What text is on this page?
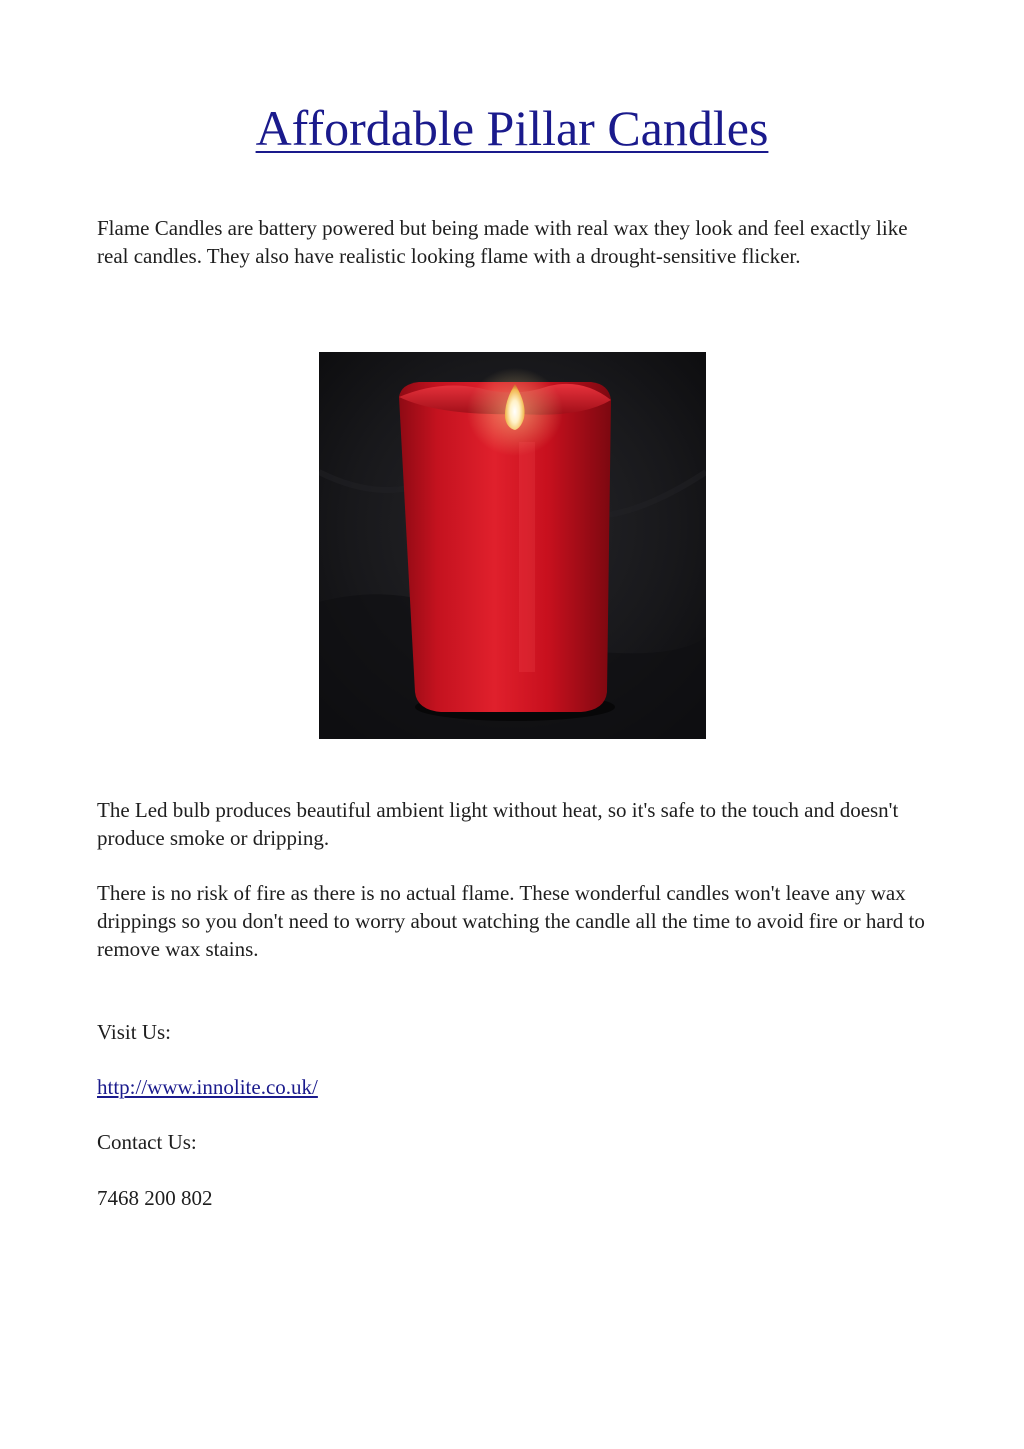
Affordable Pillar Candles

Flame Candles are battery powered but being made with real wax they look and feel exactly like real candles. They also have realistic looking flame with a drought-sensitive flicker.

The Led bulb produces beautiful ambient light without heat, so it's safe to the touch and doesn't produce smoke or dripping.

There is no risk of fire as there is no actual flame. These wonderful candles won't leave any wax drippings so you don't need to worry about watching the candle all the time to avoid fire or hard to remove wax stains.

Visit Us:

http://www.innolite.co.uk/

Contact Us:

7468 200 802
